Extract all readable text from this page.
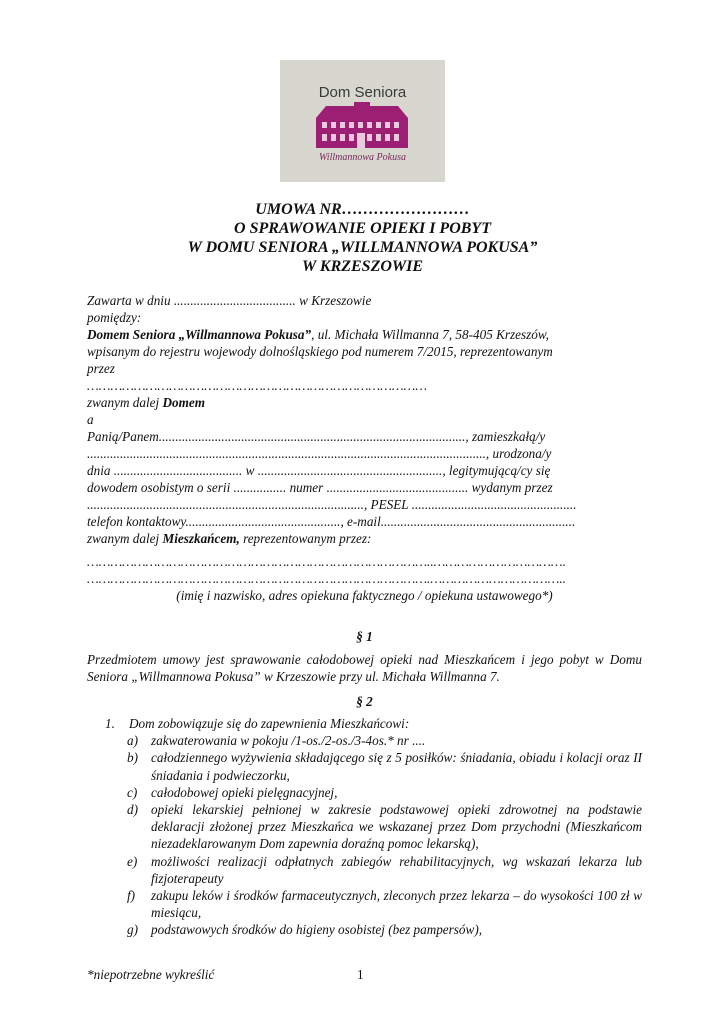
Dom Seniora
Willmannowa Pokusa
UMOWA NR……………………
O SPRAWOWANIE OPIEKI I POBYT
W DOMU SENIORA „WILLMANNOWA POKUSA”
W KRZESZOWIE
Zawarta w dniu ..................................... w Krzeszowie
pomiędzy:
Domem Seniora „Willmannowa Pokusa”, ul. Michała Willmanna 7, 58-405 Krzeszów,
wpisanym do rejestru wojewody dolnośląskiego pod numerem 7/2015, reprezentowanym
przez
……………………………………………………………………………
zwanym dalej Domem
a
Panią/Panem............................................................................................., zamieszkałą/y
........................................................................................................................., urodzona/y
dnia ....................................... w ........................................................, legitymującą/cy się
dowodem osobistym o serii ................ numer ........................................... wydanym przez
...................................................................................., PESEL ..................................................
telefon kontaktowy..............................................., e-mail...........................................................
zwanym dalej Mieszkańcem, reprezentowanym przez:
……………………………………………………………………………..…………………………….
…………………………………………………………………………….……………………………..
(imię i nazwisko, adres opiekuna faktycznego / opiekuna ustawowego*)
§ 1
Przedmiotem umowy jest sprawowanie całodobowej opieki nad Mieszkańcem i jego pobyt w Domu Seniora „Willmannowa Pokusa” w Krzeszowie przy ul. Michała Willmanna 7.
§ 2
1. Dom zobowiązuje się do zapewnienia Mieszkańcowi:
a) zakwaterowania w pokoju /1-os./2-os./3-4os.* nr ....
b) całodziennego wyżywienia składającego się z 5 posiłków: śniadania, obiadu i kolacji oraz II śniadania i podwieczorku,
c) całodobowej opieki pielęgnacyjnej,
d) opieki lekarskiej pełnionej w zakresie podstawowej opieki zdrowotnej na podstawie deklaracji złożonej przez Mieszkańca we wskazanej przez Dom przychodni (Mieszkańcom niezadeklarowanym Dom zapewnia doraźną pomoc lekarską),
e) możliwości realizacji odpłatnych zabiegów rehabilitacyjnych, wg wskazań lekarza lub fizjoterapeuty
f) zakupu leków i środków farmaceutycznych, zleconych przez lekarza – do wysokości 100 zł w miesiącu,
g) podstawowych środków do higieny osobistej (bez pampersów),
*niepotrzebne wykreślić	1
